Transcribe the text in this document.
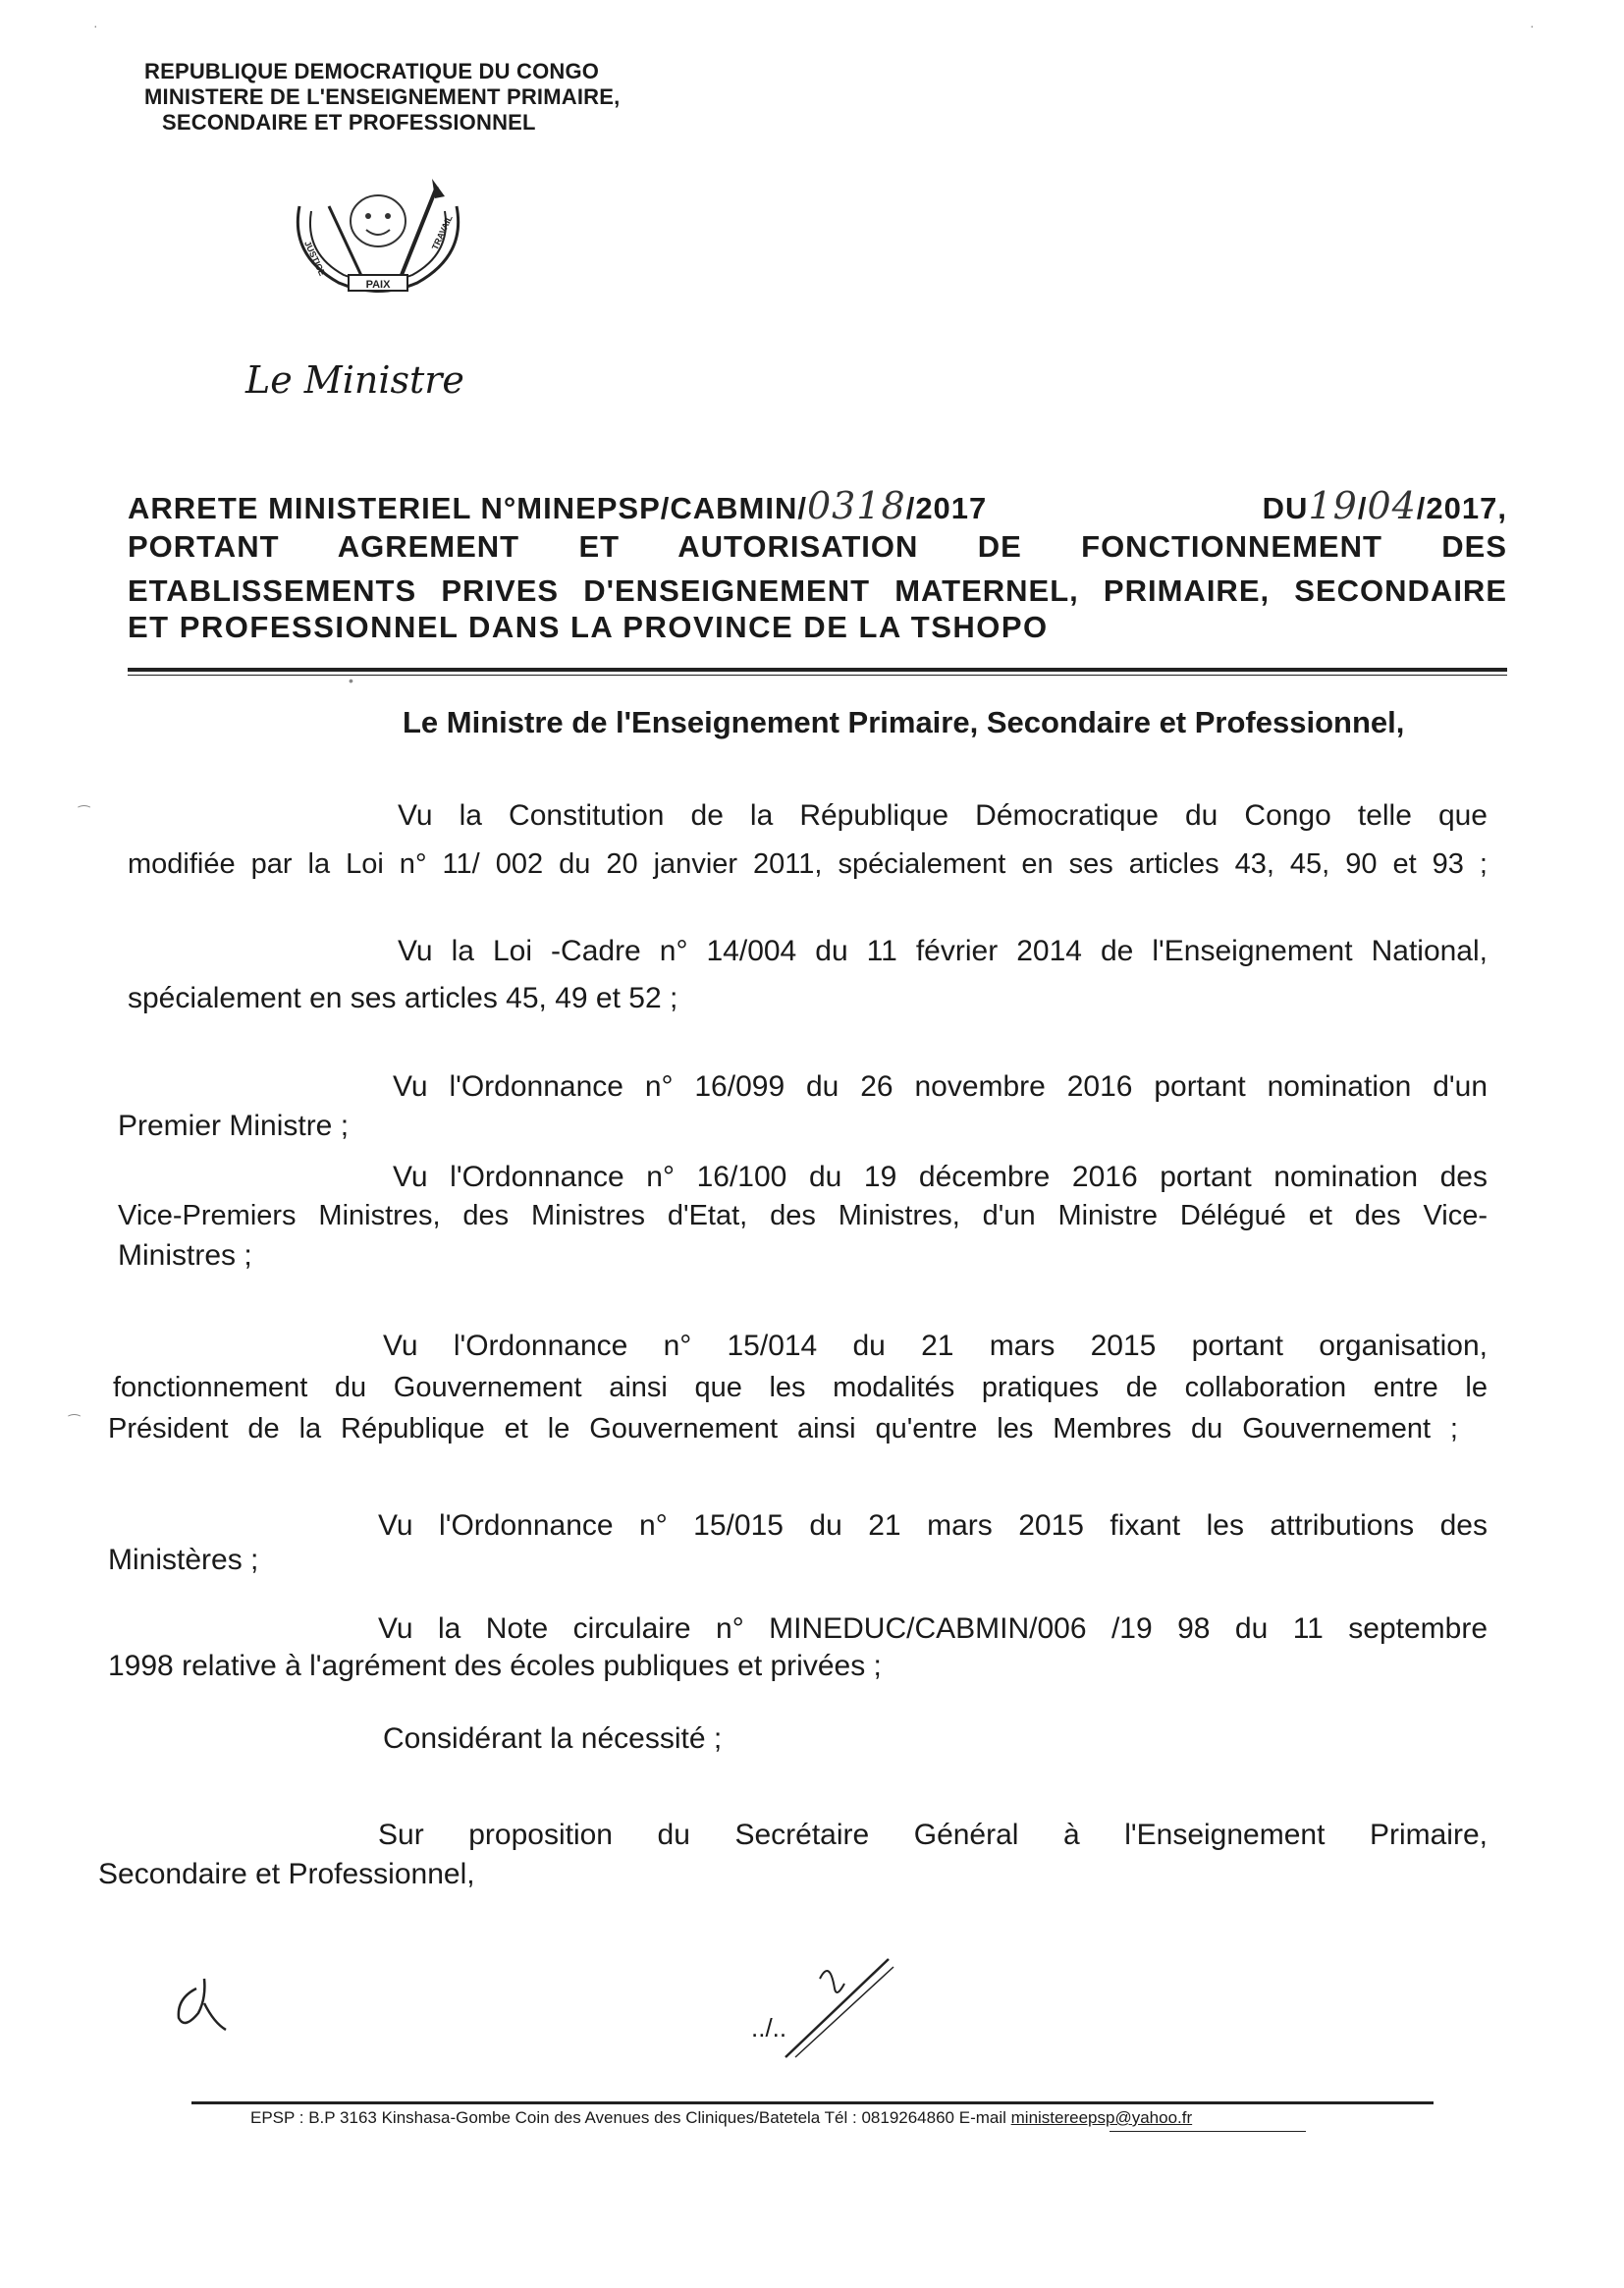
REPUBLIQUE DEMOCRATIQUE DU CONGO
MINISTERE DE L'ENSEIGNEMENT PRIMAIRE,
SECONDAIRE ET PROFESSIONNEL
PAIX
JUSTICE
TRAVAIL
Le Ministre
ARRETE MINISTERIEL N°MINEPSP/CABMIN/0318/2017	DU19/04/2017,
PORTANT AGREMENT ET AUTORISATION DE FONCTIONNEMENT DES
ETABLISSEMENTS PRIVES D'ENSEIGNEMENT MATERNEL, PRIMAIRE, SECONDAIRE
ET PROFESSIONNEL DANS LA PROVINCE DE LA TSHOPO
Le Ministre de l'Enseignement Primaire, Secondaire et Professionnel,
Vu la Constitution de la République Démocratique du Congo telle que
modifiée par la Loi n° 11/ 002 du 20 janvier 2011, spécialement en ses articles 43, 45, 90 et 93 ;
Vu la Loi -Cadre n° 14/004 du 11 février 2014 de l'Enseignement National,
spécialement en ses articles 45, 49 et 52 ;
Vu l'Ordonnance n° 16/099 du 26 novembre 2016 portant nomination d'un
Premier Ministre ;
Vu l'Ordonnance n° 16/100 du 19 décembre 2016 portant nomination des
Vice-Premiers Ministres, des Ministres d'Etat, des Ministres, d'un Ministre Délégué et des Vice-
Ministres ;
Vu l'Ordonnance n° 15/014 du 21 mars 2015 portant organisation,
fonctionnement du Gouvernement ainsi que les modalités pratiques de collaboration entre le
Président de la République et le Gouvernement ainsi qu'entre les Membres du Gouvernement ;
Vu l'Ordonnance n° 15/015 du 21 mars 2015 fixant les attributions des
Ministères ;
Vu la Note circulaire n° MINEDUC/CABMIN/006 /19 98 du 11 septembre
1998 relative à l'agrément des écoles publiques et privées ;
Considérant la nécessité ;
Sur proposition du Secrétaire Général à l'Enseignement Primaire,
Secondaire et Professionnel,
../..
EPSP : B.P 3163 Kinshasa-Gombe Coin des Avenues des Cliniques/Batetela Tél : 0819264860 E-mail ministereepsp@yahoo.fr
·	·
•
⁀
⁀
